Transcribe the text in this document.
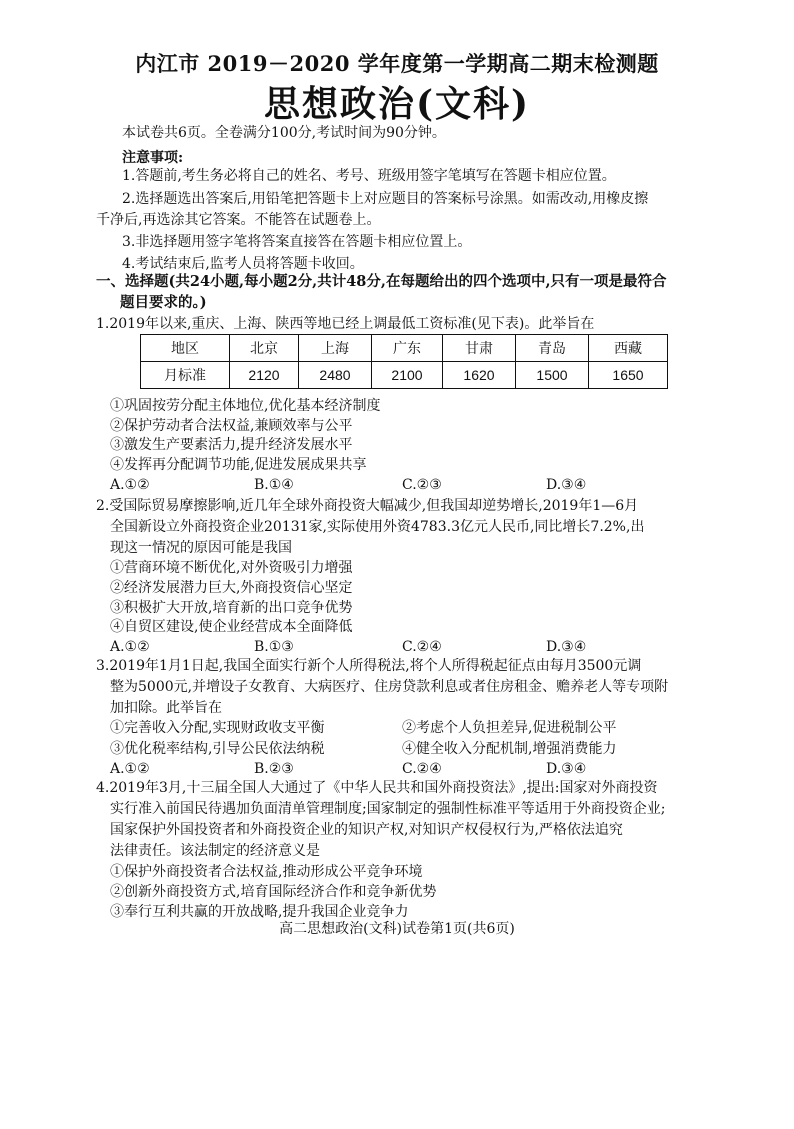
内江市 2019－2020 学年度第一学期高二期末检测题
思想政治(文科)
本试卷共6页。全卷满分100分,考试时间为90分钟。
注意事项:
1.答题前,考生务必将自己的姓名、考号、班级用签字笔填写在答题卡相应位置。
2.选择题选出答案后,用铅笔把答题卡上对应题目的答案标号涂黑。如需改动,用橡皮擦
千净后,再选涂其它答案。不能答在试题卷上。
3.非选择题用签字笔将答案直接答在答题卡相应位置上。
4.考试结束后,监考人员将答题卡收回。
一、选择题(共24小题,每小题2分,共计48分,在每题给出的四个选项中,只有一项是最符合
题目要求的。)
1.2019年以来,重庆、上海、陕西等地已经上调最低工资标准(见下表)。此举旨在
地区	北京	上海	广东	甘肃	青岛	西藏
月标准	2120	2480	2100	1620	1500	1650
①巩固按劳分配主体地位,优化基本经济制度
②保护劳动者合法权益,兼顾效率与公平
③激发生产要素活力,提升经济发展水平
④发挥再分配调节功能,促进发展成果共享
A.①②	B.①④	C.②③	D.③④
2.受国际贸易摩擦影响,近几年全球外商投资大幅减少,但我国却逆势增长,2019年1—6月
全国新设立外商投资企业20131家,实际使用外资4783.3亿元人民币,同比增长7.2%,出
现这一情况的原因可能是我国
①营商环境不断优化,对外资吸引力增强
②经济发展潜力巨大,外商投资信心坚定
③积极扩大开放,培育新的出口竞争优势
④自贸区建设,使企业经营成本全面降低
A.①②	B.①③	C.②④	D.③④
3.2019年1月1日起,我国全面实行新个人所得税法,将个人所得税起征点由每月3500元调
整为5000元,并增设子女教育、大病医疗、住房贷款利息或者住房租金、赡养老人等专项附
加扣除。此举旨在
①完善收入分配,实现财政收支平衡	②考虑个人负担差异,促进税制公平
③优化税率结构,引导公民依法纳税	④健全收入分配机制,增强消费能力
A.①②	B.②③	C.②④	D.③④
4.2019年3月,十三届全国人大通过了《中华人民共和国外商投资法》,提出:国家对外商投资
实行准入前国民待遇加负面清单管理制度;国家制定的强制性标准平等适用于外商投资企业;
国家保护外国投资者和外商投资企业的知识产权,对知识产权侵权行为,严格依法追究
法律责任。该法制定的经济意义是
①保护外商投资者合法权益,推动形成公平竞争环境
②创新外商投资方式,培育国际经济合作和竞争新优势
③奉行互利共赢的开放战略,提升我国企业竞争力
高二思想政治(文科)试卷第1页(共6页)
